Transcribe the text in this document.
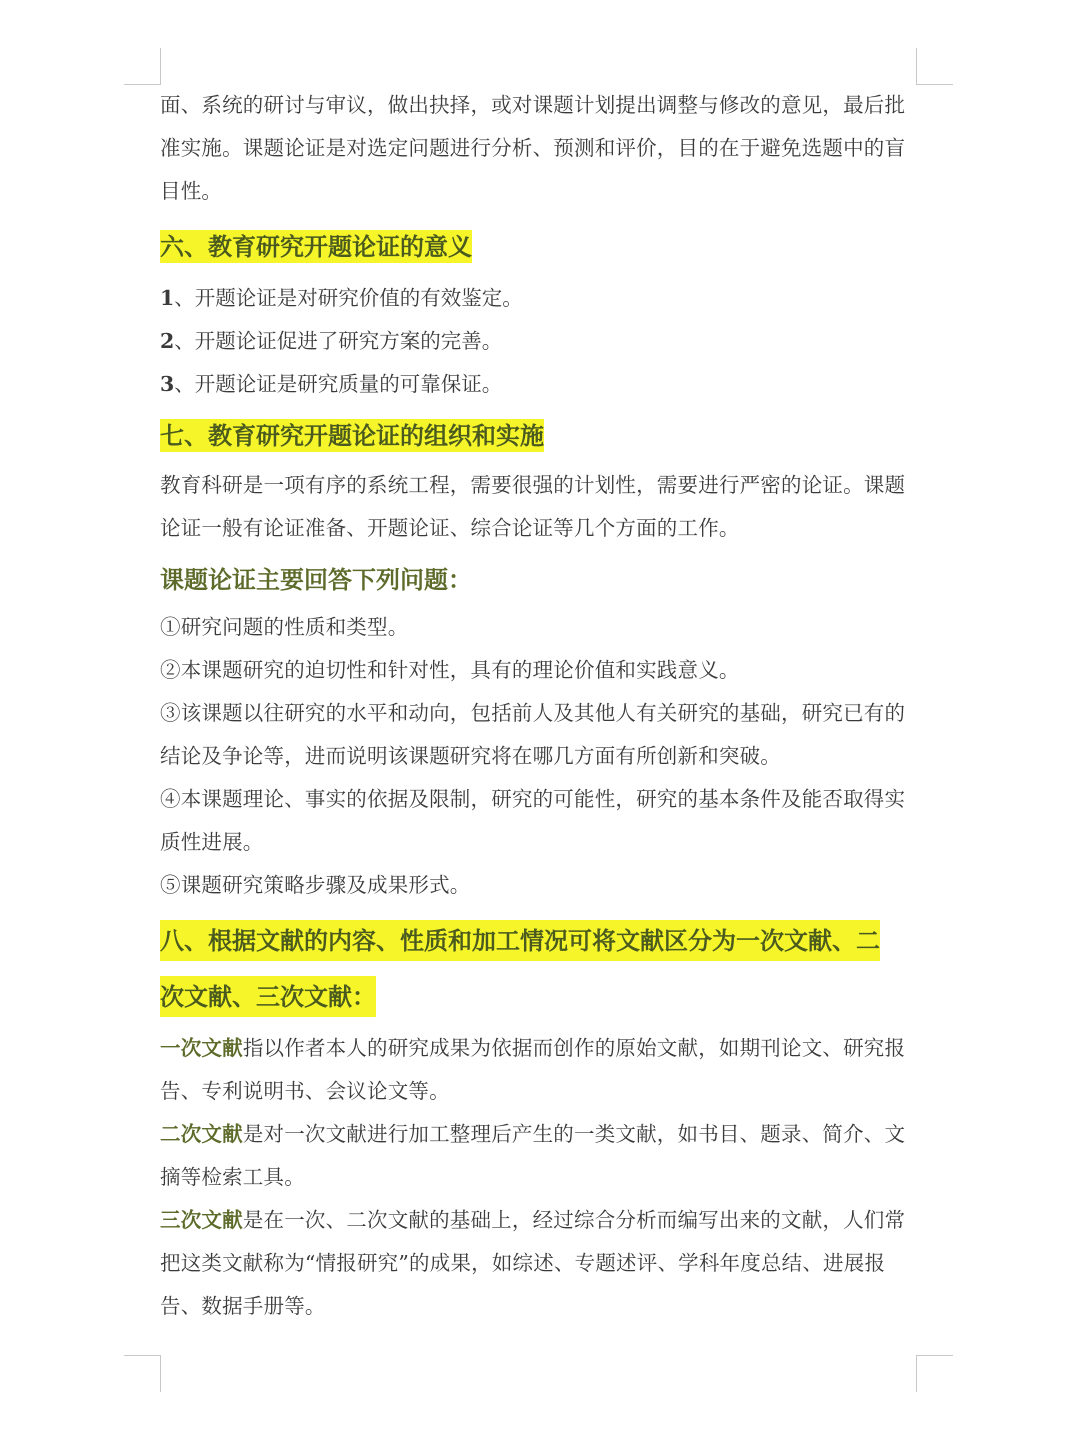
面、系统的研讨与审议，做出抉择，或对课题计划提出调整与修改的意见，最后批准实施。课题论证是对选定问题进行分析、预测和评价，目的在于避免选题中的盲目性。

六、教育研究开题论证的意义

1、开题论证是对研究价值的有效鉴定。

2、开题论证促进了研究方案的完善。

3、开题论证是研究质量的可靠保证。

七、教育研究开题论证的组织和实施

教育科研是一项有序的系统工程，需要很强的计划性，需要进行严密的论证。课题论证一般有论证准备、开题论证、综合论证等几个方面的工作。

课题论证主要回答下列问题：

①研究问题的性质和类型。

②本课题研究的迫切性和针对性，具有的理论价值和实践意义。

③该课题以往研究的水平和动向，包括前人及其他人有关研究的基础，研究已有的结论及争论等，进而说明该课题研究将在哪几方面有所创新和突破。

④本课题理论、事实的依据及限制，研究的可能性，研究的基本条件及能否取得实质性进展。

⑤课题研究策略步骤及成果形式。

八、根据文献的内容、性质和加工情况可将文献区分为一次文献、二

次文献、三次文献：

一次文献指以作者本人的研究成果为依据而创作的原始文献，如期刊论文、研究报告、专利说明书、会议论文等。

二次文献是对一次文献进行加工整理后产生的一类文献，如书目、题录、简介、文摘等检索工具。

三次文献是在一次、二次文献的基础上，经过综合分析而编写出来的文献，人们常把这类文献称为“情报研究”的成果，如综述、专题述评、学科年度总结、进展报告、数据手册等。
